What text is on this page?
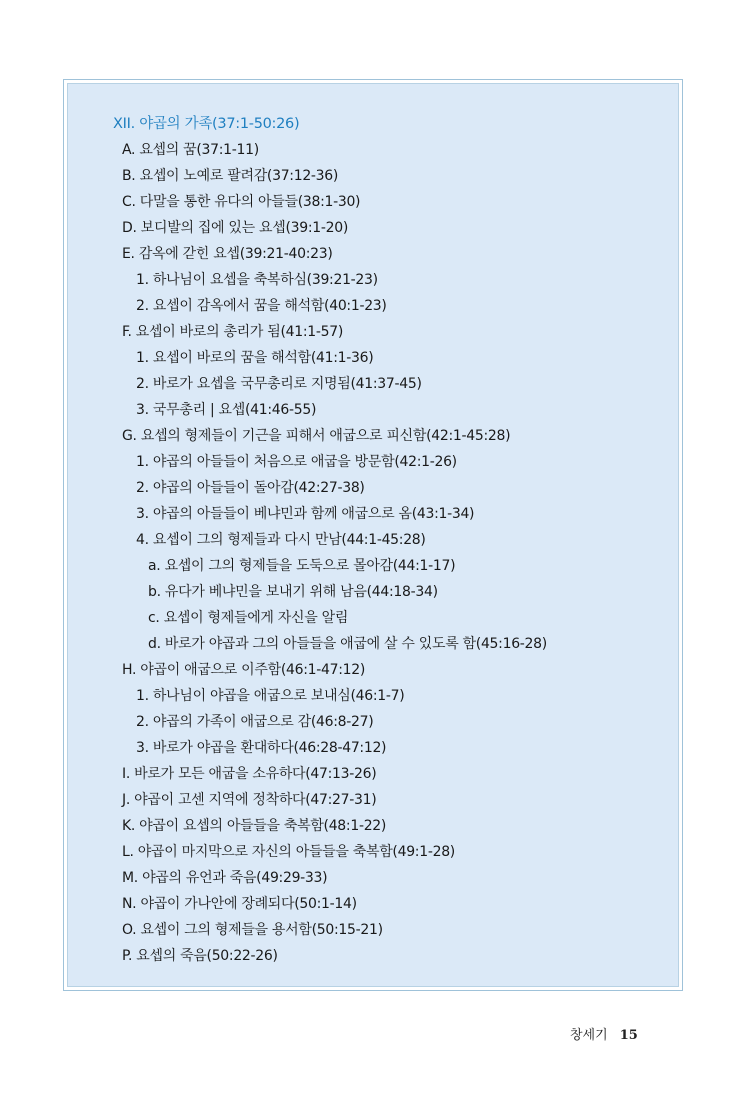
XII. 야곱의 가족(37:1-50:26)
A. 요셉의 꿈(37:1-11)
B. 요셉이 노예로 팔려감(37:12-36)
C. 다말을 통한 유다의 아들들(38:1-30)
D. 보디발의 집에 있는 요셉(39:1-20)
E. 감옥에 갇힌 요셉(39:21-40:23)
1. 하나님이 요셉을 축복하심(39:21-23)
2. 요셉이 감옥에서 꿈을 해석함(40:1-23)
F. 요셉이 바로의 총리가 됨(41:1-57)
1. 요셉이 바로의 꿈을 해석함(41:1-36)
2. 바로가 요셉을 국무총리로 지명됨(41:37-45)
3. 국무총리 | 요셉(41:46-55)
G. 요셉의 형제들이 기근을 피해서 애굽으로 피신함(42:1-45:28)
1. 야곱의 아들들이 처음으로 애굽을 방문함(42:1-26)
2. 야곱의 아들들이 돌아감(42:27-38)
3. 야곱의 아들들이 베냐민과 함께 애굽으로 옴(43:1-34)
4. 요셉이 그의 형제들과 다시 만남(44:1-45:28)
a. 요셉이 그의 형제들을 도둑으로 몰아감(44:1-17)
b. 유다가 베냐민을 보내기 위해 남음(44:18-34)
c. 요셉이 형제들에게 자신을 알림
d. 바로가 야곱과 그의 아들들을 애굽에 살 수 있도록 함(45:16-28)
H. 야곱이 애굽으로 이주함(46:1-47:12)
1. 하나님이 야곱을 애굽으로 보내심(46:1-7)
2. 야곱의 가족이 애굽으로 감(46:8-27)
3. 바로가 야곱을 환대하다(46:28-47:12)
I. 바로가 모든 애굽을 소유하다(47:13-26)
J. 야곱이 고센 지역에 정착하다(47:27-31)
K. 야곱이 요셉의 아들들을 축복함(48:1-22)
L. 야곱이 마지막으로 자신의 아들들을 축복함(49:1-28)
M. 야곱의 유언과 죽음(49:29-33)
N. 야곱이 가나안에 장례되다(50:1-14)
O. 요셉이 그의 형제들을 용서함(50:15-21)
P. 요셉의 죽음(50:22-26)
창세기 15
